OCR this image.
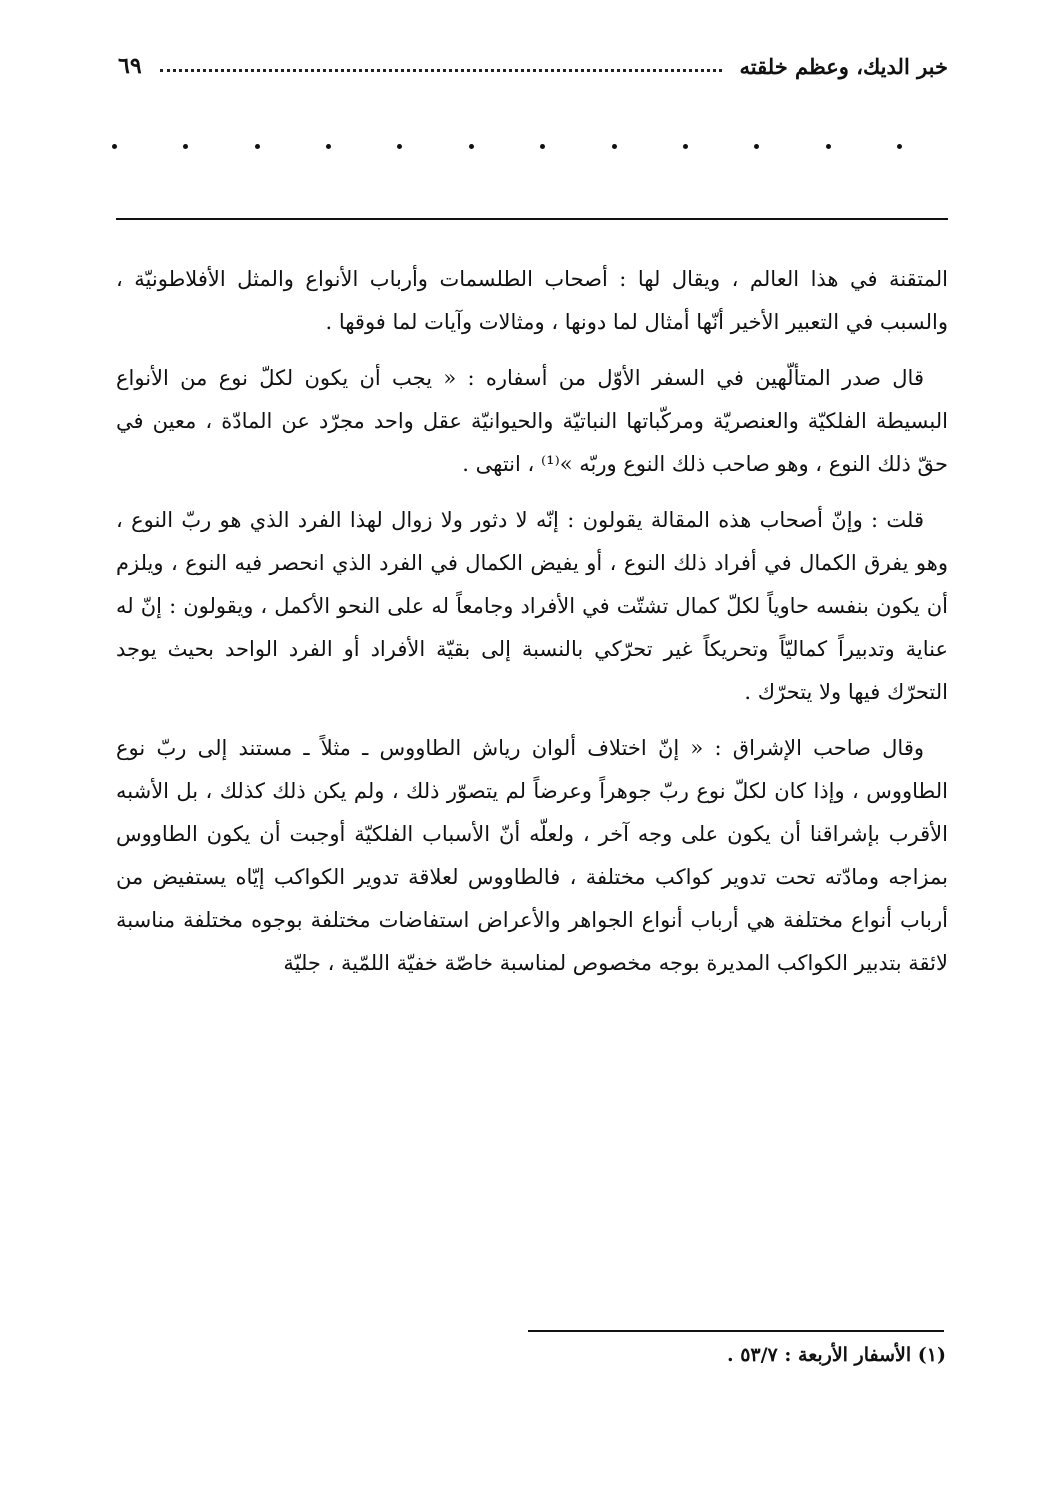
خبر الديك، وعظم خلقته
٦٩

المتقنة في هذا العالم ، ويقال لها : أصحاب الطلسمات وأرباب الأنواع والمثل الأفلاطونيّة ، والسبب في التعبير الأخير أنّها أمثال لما دونها ، ومثالات وآيات لما فوقها .

قال صدر المتألّهين في السفر الأوّل من أسفاره : « يجب أن يكون لكلّ نوع من الأنواع البسيطة الفلكيّة والعنصريّة ومركّباتها النباتيّة والحيوانيّة عقل واحد مجرّد عن المادّة ، معين في حقّ ذلك النوع ، وهو صاحب ذلك النوع وربّه »⁽¹⁾ ، انتهى .

قلت : وإنّ أصحاب هذه المقالة يقولون : إنّه لا دثور ولا زوال لهذا الفرد الذي هو ربّ النوع ، وهو يفرق الكمال في أفراد ذلك النوع ، أو يفيض الكمال في الفرد الذي انحصر فيه النوع ، ويلزم أن يكون بنفسه حاوياً لكلّ كمال تشتّت في الأفراد وجامعاً له على النحو الأكمل ، ويقولون : إنّ له عناية وتدبيراً كماليّاً وتحريكاً غير تحرّكي بالنسبة إلى بقيّة الأفراد أو الفرد الواحد بحيث يوجد التحرّك فيها ولا يتحرّك .

وقال صاحب الإشراق : « إنّ اختلاف ألوان رياش الطاووس ـ مثلاً ـ مستند إلى ربّ نوع الطاووس ، وإذا كان لكلّ نوع ربّ جوهراً وعرضاً لم يتصوّر ذلك ، ولم يكن ذلك كذلك ، بل الأشبه الأقرب بإشراقنا أن يكون على وجه آخر ، ولعلّه أنّ الأسباب الفلكيّة أوجبت أن يكون الطاووس بمزاجه ومادّته تحت تدوير كواكب مختلفة ، فالطاووس لعلاقة تدوير الكواكب إيّاه يستفيض من أرباب أنواع مختلفة هي أرباب أنواع الجواهر والأعراض استفاضات مختلفة بوجوه مختلفة مناسبة لائقة بتدبير الكواكب المديرة بوجه مخصوص لمناسبة خاصّة خفيّة اللمّية ، جليّة

(١) الأسفار الأربعة : ٥٣/٧ .
